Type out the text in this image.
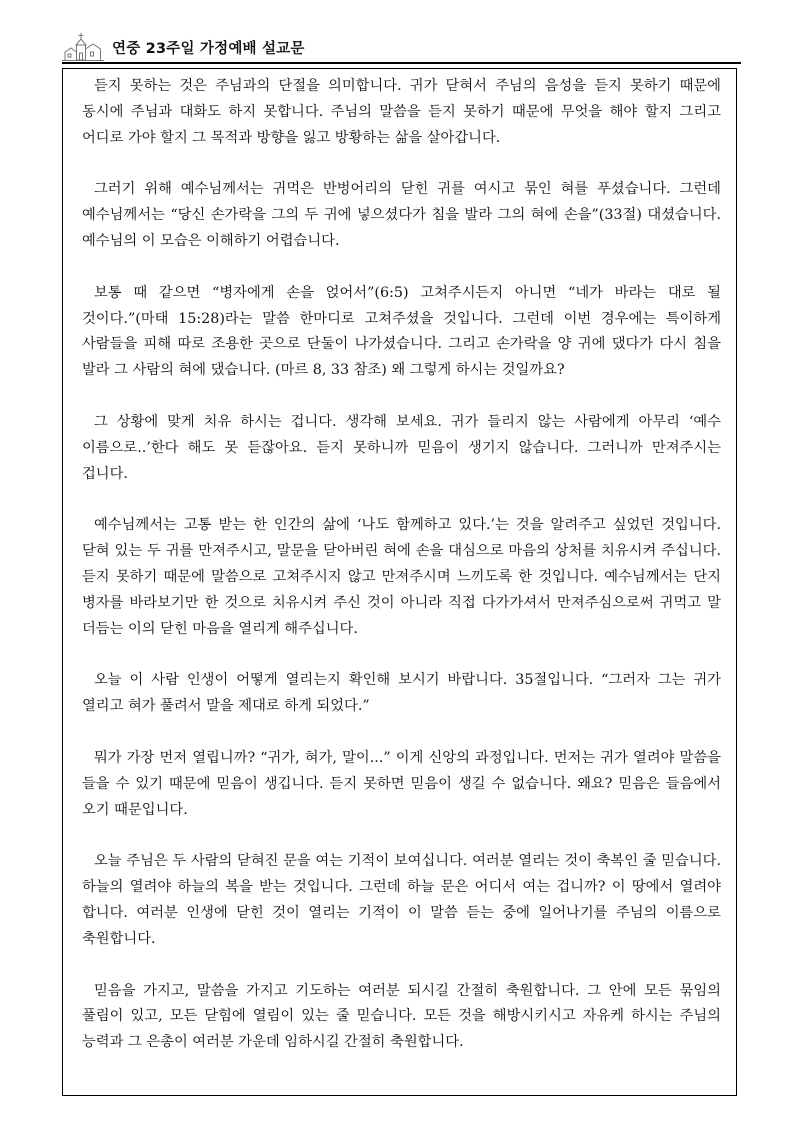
연중 23주일 가정예배 설교문

듣지 못하는 것은 주님과의 단절을 의미합니다. 귀가 닫혀서 주님의 음성을 듣지 못하기 때문에 동시에 주님과 대화도 하지 못합니다. 주님의 말씀을 듣지 못하기 때문에 무엇을 해야 할지 그리고 어디로 가야 할지 그 목적과 방향을 잃고 방황하는 삶을 살아갑니다.

그러기 위해 예수님께서는 귀먹은 반벙어리의 닫힌 귀를 여시고 묶인 혀를 푸셨습니다. 그런데 예수님께서는 “당신 손가락을 그의 두 귀에 넣으셨다가 침을 발라 그의 혀에 손을”(33절) 대셨습니다. 예수님의 이 모습은 이해하기 어렵습니다.

보통 때 같으면 “병자에게 손을 얹어서”(6:5) 고쳐주시든지 아니면 “네가 바라는 대로 될 것이다.”(마태 15:28)라는 말씀 한마디로 고쳐주셨을 것입니다. 그런데 이번 경우에는 특이하게 사람들을 피해 따로 조용한 곳으로 단둘이 나가셨습니다. 그리고 손가락을 양 귀에 댔다가 다시 침을 발라 그 사람의 혀에 댔습니다. (마르 8, 33 참조) 왜 그렇게 하시는 것일까요?

그 상황에 맞게 치유 하시는 겁니다. 생각해 보세요. 귀가 들리지 않는 사람에게 아무리 ‘예수 이름으로..’한다 해도 못 듣잖아요. 듣지 못하니까 믿음이 생기지 않습니다. 그러니까 만져주시는 겁니다.

예수님께서는 고통 받는 한 인간의 삶에 ‘나도 함께하고 있다.’는 것을 알려주고 싶었던 것입니다. 닫혀 있는 두 귀를 만져주시고, 말문을 닫아버린 혀에 손을 대심으로 마음의 상처를 치유시켜 주십니다. 듣지 못하기 때문에 말씀으로 고쳐주시지 않고 만져주시며 느끼도록 한 것입니다. 예수님께서는 단지 병자를 바라보기만 한 것으로 치유시켜 주신 것이 아니라 직접 다가가셔서 만져주심으로써 귀먹고 말 더듬는 이의 닫힌 마음을 열리게 해주십니다.

오늘 이 사람 인생이 어떻게 열리는지 확인해 보시기 바랍니다. 35절입니다. “그러자 그는 귀가 열리고 혀가 풀려서 말을 제대로 하게 되었다.”

뭐가 가장 먼저 열립니까? “귀가, 혀가, 말이...” 이게 신앙의 과정입니다. 먼저는 귀가 열려야 말씀을 들을 수 있기 때문에 믿음이 생깁니다. 듣지 못하면 믿음이 생길 수 없습니다. 왜요? 믿음은 들음에서 오기 때문입니다.

오늘 주님은 두 사람의 닫혀진 문을 여는 기적이 보여십니다. 여러분 열리는 것이 축복인 줄 믿습니다. 하늘의 열려야 하늘의 복을 받는 것입니다. 그런데 하늘 문은 어디서 여는 겁니까? 이 땅에서 열려야 합니다. 여러분 인생에 닫힌 것이 열리는 기적이 이 말씀 듣는 중에 일어나기를 주님의 이름으로 축원합니다.

믿음을 가지고, 말씀을 가지고 기도하는 여러분 되시길 간절히 축원합니다. 그 안에 모든 묶임의 풀림이 있고, 모든 닫힘에 열림이 있는 줄 믿습니다. 모든 것을 해방시키시고 자유케 하시는 주님의 능력과 그 은총이 여러분 가운데 임하시길 간절히 축원합니다.
